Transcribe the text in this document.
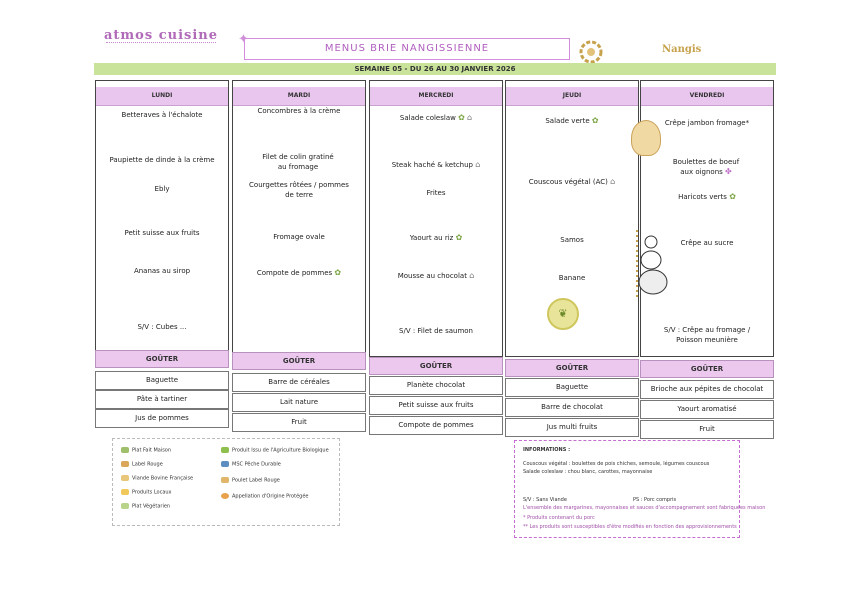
atmos cuisine ✦
MENUS BRIE NANGISSIENNE	Nangis
SEMAINE 05 - DU 26 AU 30 JANVIER 2026
LUNDI
Betteraves à l'échalote
Paupiette de dinde à la crème
Ebly
Petit suisse aux fruits
Ananas au sirop
S/V : Cubes ...
GOÛTER
Baguette
Pâte à tartiner
Jus de pommes
MARDI
Concombres à la crème
Filet de colin gratiné au fromage
Courgettes rôtées / pommes de terre
Fromage ovale
Compote de pommes ✿
GOÛTER
Barre de céréales
Lait nature
Fruit
MERCREDI
Salade coleslaw ✿ ⌂
Steak haché & ketchup ⌂
Frites
Yaourt au riz ✿
Mousse au chocolat ⌂
S/V : Filet de saumon
GOÛTER
Planète chocolat
Petit suisse aux fruits
Compote de pommes
JEUDI
Salade verte ✿
Couscous végétal (AC) ⌂
Samos
Banane
GOÛTER
Baguette
Barre de chocolat
Jus multi fruits
VENDREDI
Crêpe jambon fromage*
Boulettes de boeuf aux oignons ✤
Haricots verts ✿
Crêpe au sucre
S/V : Crêpe au fromage / Poisson meunière
GOÛTER
Brioche aux pépites de chocolat
Yaourt aromatisé
Fruit
❦
Plat Fait Maison
Label Rouge
Viande Bovine Française
Produits Locaux
Plat Végétarien
Produit Issu de l'Agriculture Biologique
MSC Pêche Durable
Poulet Label Rouge
Appellation d'Origine Protégée
INFORMATIONS :
Couscous végétal : boulettes de pois chiches, semoule, légumes couscous
Salade coleslaw : chou blanc, carottes, mayonnaise
S/V : Sans Viande	PS : Porc compris
L'ensemble des margarines, mayonnaises et sauces d'accompagnement sont fabriquées maison
* Produits contenant du porc
** Les produits sont susceptibles d'être modifiés en fonction des approvisionnements
